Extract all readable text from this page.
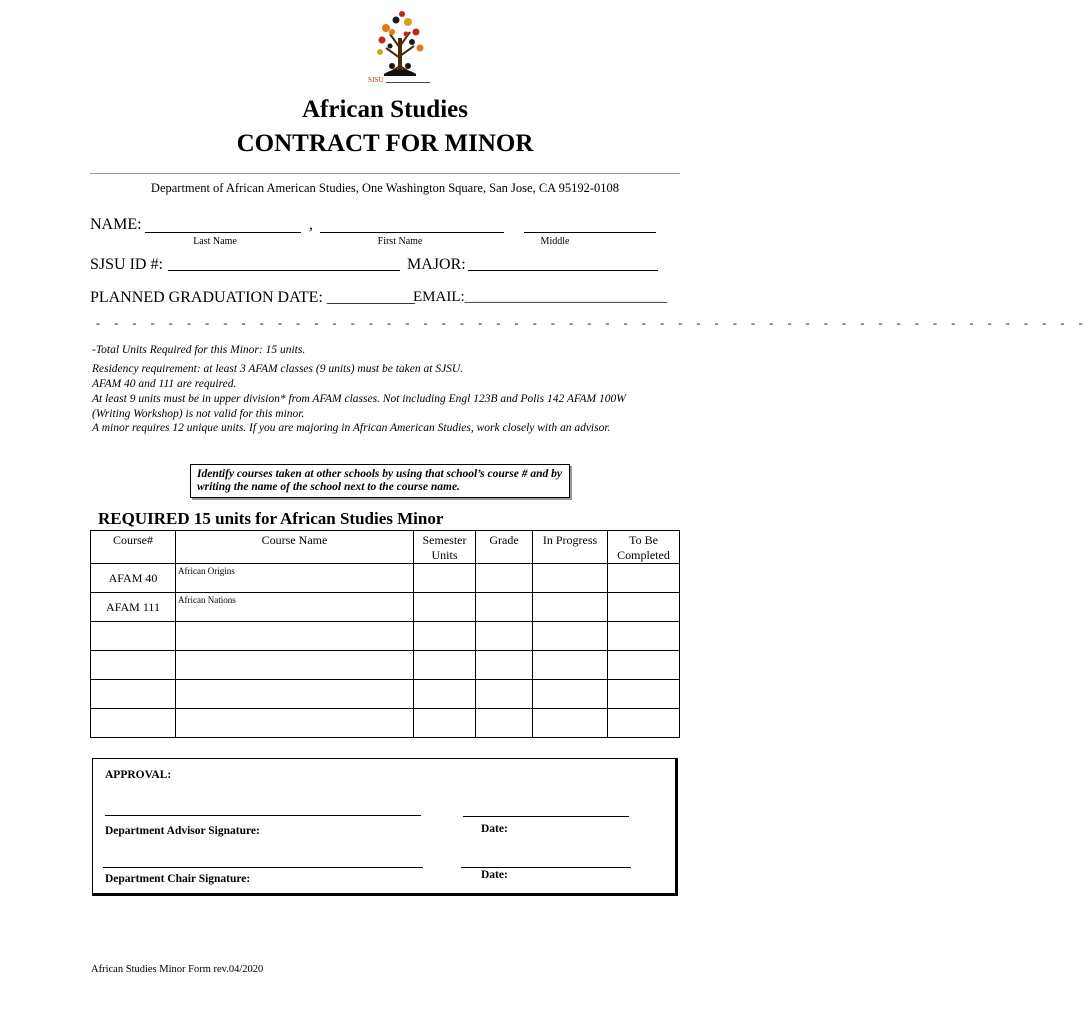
SJSU
African Studies
CONTRACT FOR MINOR
Department of African American Studies, One Washington Square, San Jose, CA 95192-0108
NAME:	,
Last Name	First Name	Middle
SJSU ID #:	MAJOR:
PLANNED GRADUATION DATE: ___________
EMAIL:___________________________
- - - - - - - - - - - - - - - - - - - - - - - - - - - - - - - - - - - - - - - - - - - - - - - - - - - - - - -
-Total Units Required for this Minor: 15 units.
Residency requirement: at least 3 AFAM classes (9 units) must be taken at SJSU.
AFAM 40 and 111 are required.
At least 9 units must be in upper division* from AFAM classes. Not including Engl 123B and Polis 142 AFAM 100W (Writing Workshop) is not valid for this minor.
A minor requires 12 unique units. If you are majoring in African American Studies, work closely with an advisor.
Identify courses taken at other schools by using that school’s course # and by writing the name of the school next to the course name.
REQUIRED 15 units for African Studies Minor
Course#	Course Name	Semester Units	Grade	In Progress	To Be Completed
AFAM 40	African Origins				
AFAM 111	African Nations				

APPROVAL:
Department Advisor Signature:	Date:
Department Chair Signature:	Date:
African Studies Minor Form rev.04/2020
